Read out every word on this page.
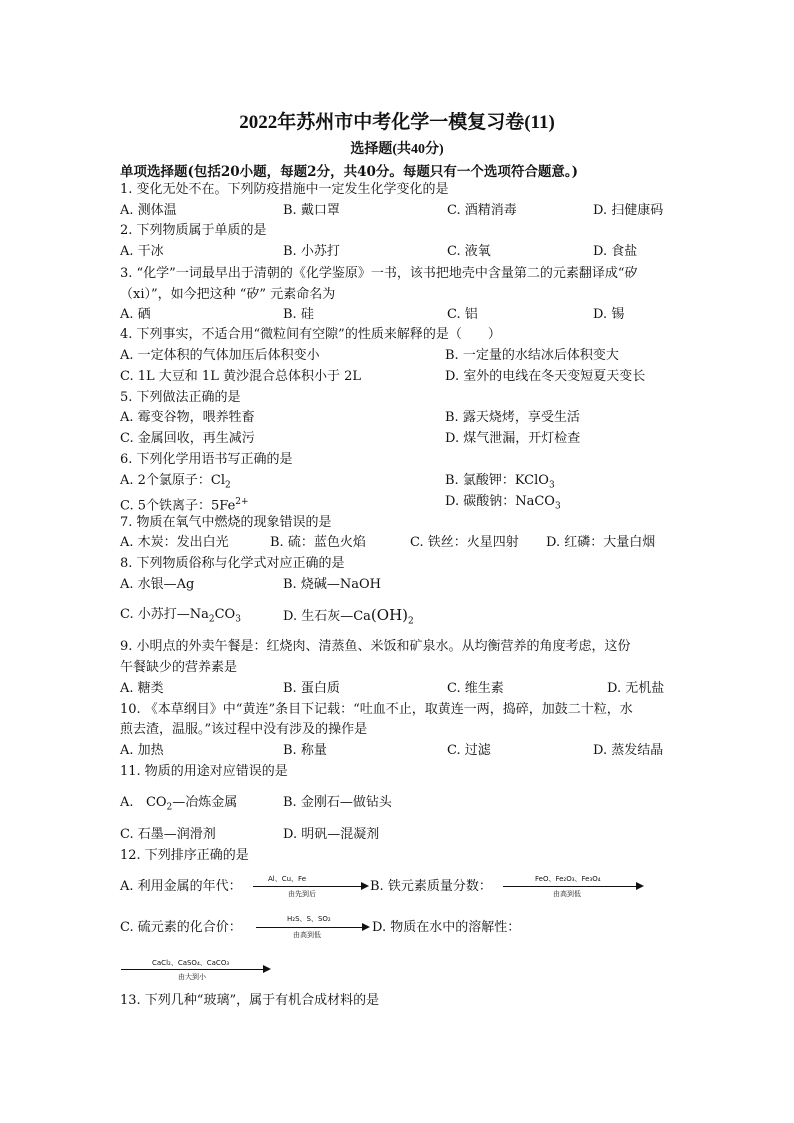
2022年苏州市中考化学一模复习卷(11)
选择题(共40分)
单项选择题(包括20小题，每题2分，共40分。每题只有一个选项符合题意。)
1. 变化无处不在。下列防疫措施中一定发生化学变化的是
A. 测体温	B. 戴口罩	C. 酒精消毒	D. 扫健康码
2. 下列物质属于单质的是
A. 干冰	B. 小苏打	C. 液氧	D. 食盐
3. “化学”一词最早出于清朝的《化学鉴原》一书，该书把地壳中含量第二的元素翻译成“矽
（xi）”，如今把这种 “矽” 元素命名为
A. 硒	B. 硅	C. 铝	D. 锡
4. 下列事实，不适合用“微粒间有空隙”的性质来解释的是（　　）
A. 一定体积的气体加压后体积变小	B. 一定量的水结冰后体积变大
C. 1L 大豆和 1L 黄沙混合总体积小于 2L	D. 室外的电线在冬天变短夏天变长
5. 下列做法正确的是
A. 霉变谷物，喂养牲畜	B. 露天烧烤，享受生活
C. 金属回收，再生减污	D. 煤气泄漏，开灯检查
6. 下列化学用语书写正确的是
A. 2个氯原子：$Cl_2$	B. 氯酸钾：KClO$_3$
C. 5个铁离子：$5Fe^{2+}$	D. 碳酸钠：NaCO$_3$
7. 物质在氧气中燃烧的现象错误的是
A. 木炭：发出白光	B. 硫：蓝色火焰	C. 铁丝：火星四射 D. 红磷：大量白烟
8. 下列物质俗称与化学式对应正确的是
A. 水银—Ag	B. 烧碱—NaOH
C. 小苏打$—Na_2CO_3$	D. 生石灰$—Ca(OH)_2$
9. 小明点的外卖午餐是：红烧肉、清蒸鱼、米饭和矿泉水。从均衡营养的角度考虑，这份
午餐缺少的营养素是
A. 糖类	B. 蛋白质	C. 维生素	D. 无机盐
10. 《本草纲目》中“黄连”条目下记载：“吐血不止，取黄连一两，捣碎，加鼓二十粒，水
煎去渣，温服。”该过程中没有涉及的操作是
A. 加热	B. 称量	C. 过滤	D. 蒸发结晶
11. 物质的用途对应错误的是
A. $CO_2—$冶炼金属	B. 金刚石—做钻头
C. 石墨—润滑剂	D. 明矾—混凝剂
12. 下列排序正确的是
A. 利用金属的年代：	Al、Cu、Fe
由先到后	B. 铁元素质量分数：	FeO、Fe₂O₃、Fe₃O₄
由高到低
C. 硫元素的化合价：
H₂S、S、SO₂
由高到低	D. 物质在水中的溶解性：
CaCl₂、CaSO₄、CaCO₃
由大到小
13. 下列几种“玻璃”，属于有机合成材料的是
